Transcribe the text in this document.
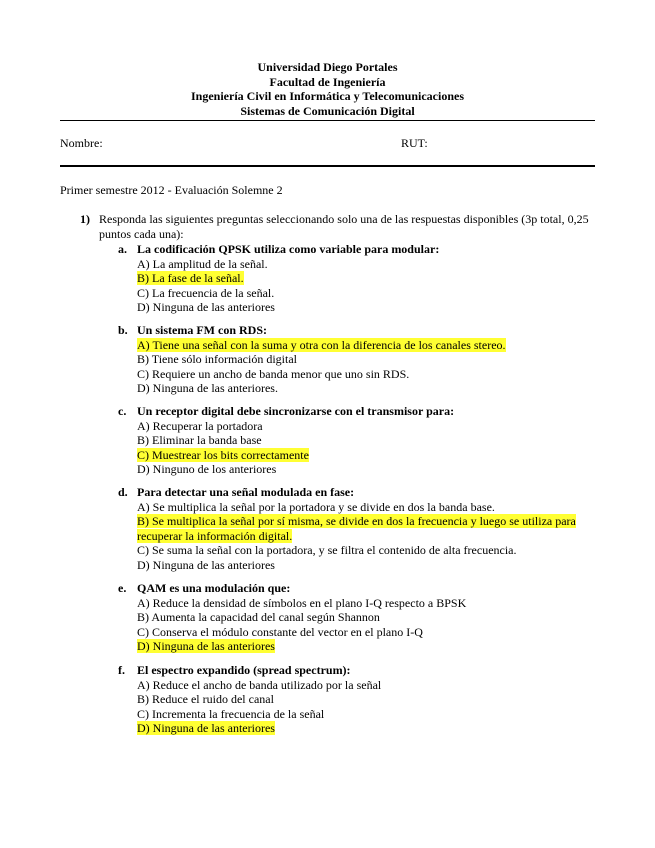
Universidad Diego Portales
Facultad de Ingeniería
Ingeniería Civil en Informática y Telecomunicaciones
Sistemas de Comunicación Digital
Nombre:	RUT:
Primer semestre 2012 - Evaluación Solemne 2
1) Responda las siguientes preguntas seleccionando solo una de las respuestas disponibles (3p total, 0,25 puntos cada una):
a. La codificación QPSK utiliza como variable para modular:
A) La amplitud de la señal.
B) La fase de la señal.
C) La frecuencia de la señal.
D) Ninguna de las anteriores
b. Un sistema FM con RDS:
A) Tiene una señal con la suma y otra con la diferencia de los canales stereo.
B) Tiene sólo información digital
C) Requiere un ancho de banda menor que uno sin RDS.
D) Ninguna de las anteriores.
c. Un receptor digital debe sincronizarse con el transmisor para:
A) Recuperar la portadora
B) Eliminar la banda base
C) Muestrear los bits correctamente
D) Ninguno de los anteriores
d. Para detectar una señal modulada en fase:
A) Se multiplica la señal por la portadora y se divide en dos la banda base.
B) Se multiplica la señal por sí misma, se divide en dos la frecuencia y luego se utiliza para recuperar la información digital.
C) Se suma la señal con la portadora, y se filtra el contenido de alta frecuencia.
D) Ninguna de las anteriores
e. QAM es una modulación que:
A) Reduce la densidad de símbolos en el plano I-Q respecto a BPSK
B) Aumenta la capacidad del canal según Shannon
C) Conserva el módulo constante del vector en el plano I-Q
D) Ninguna de las anteriores
f. El espectro expandido (spread spectrum):
A) Reduce el ancho de banda utilizado por la señal
B) Reduce el ruido del canal
C) Incrementa la frecuencia de la señal
D) Ninguna de las anteriores
